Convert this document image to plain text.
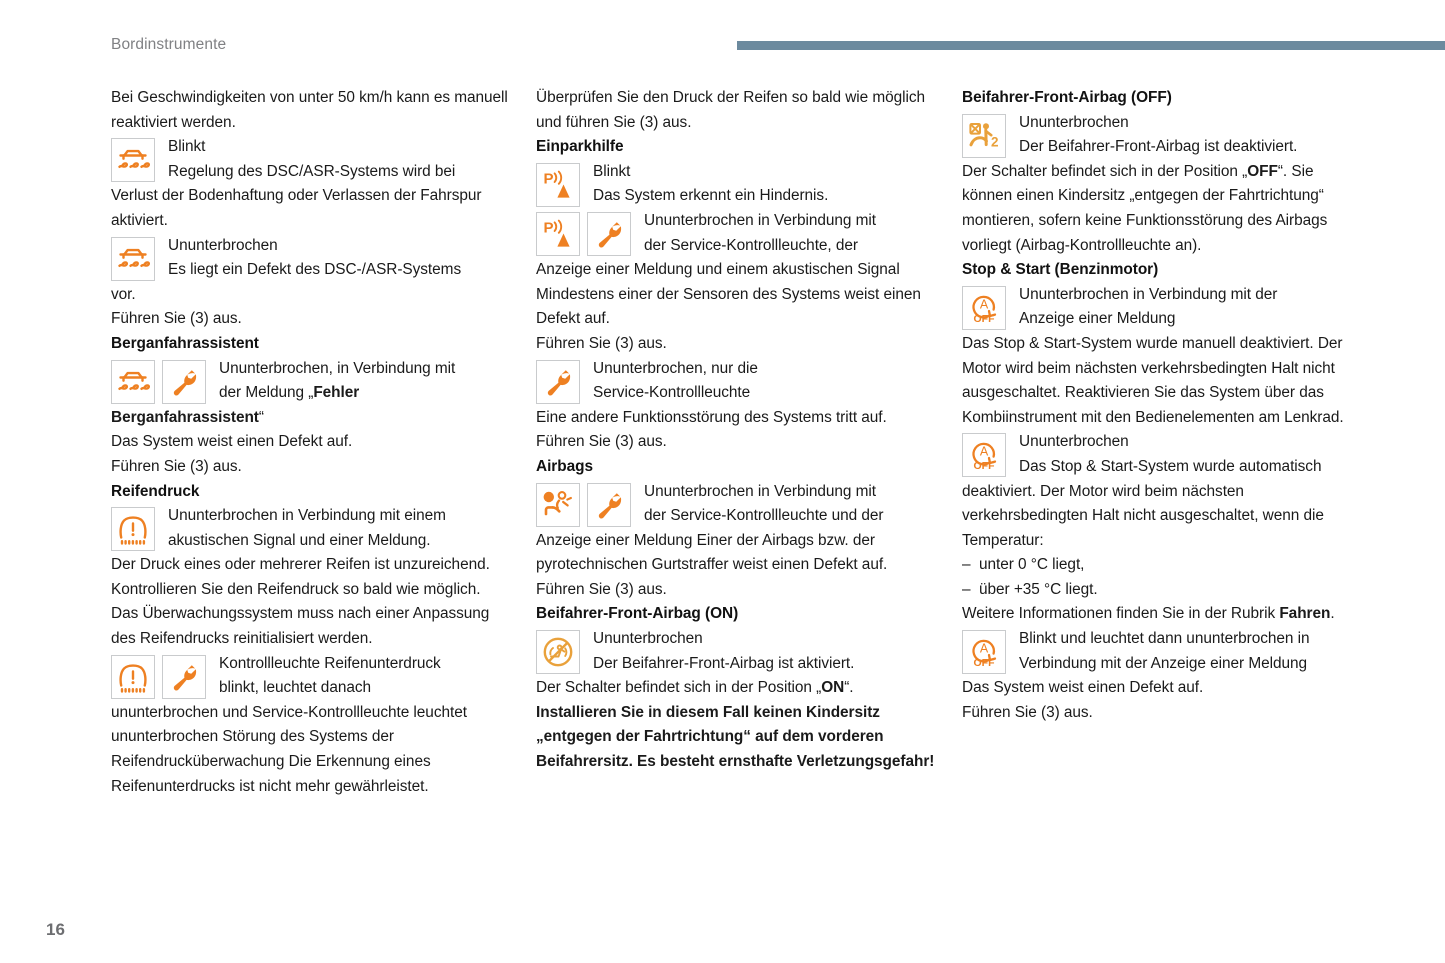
Bordinstrumente

Bei Geschwindigkeiten von unter 50 km/h kann es manuell reaktiviert werden.

Blinkt
Regelung des DSC/ASR-Systems wird bei
Verlust der Bodenhaftung oder Verlassen der Fahrspur aktiviert.

Ununterbrochen
Es liegt ein Defekt des DSC-/ASR-Systems
vor.

Führen Sie (3) aus.

Berganfahrassistent

Ununterbrochen, in Verbindung mit
der Meldung „Fehler
Berganfahrassistent“

Das System weist einen Defekt auf.

Führen Sie (3) aus.

Reifendruck

Ununterbrochen in Verbindung mit einem
akustischen Signal und einer Meldung.
Der Druck eines oder mehrerer Reifen ist unzureichend. Kontrollieren Sie den Reifendruck so bald wie möglich. Das Überwachungssystem muss nach einer Anpassung des Reifendrucks reinitialisiert werden.

Kontrollleuchte Reifenunterdruck
blinkt, leuchtet danach
ununterbrochen und Service-Kontrollleuchte leuchtet ununterbrochen Störung des Systems der Reifendrucküberwachung Die Erkennung eines Reifenunterdrucks ist nicht mehr gewährleistet.

Überprüfen Sie den Druck der Reifen so bald wie möglich und führen Sie (3) aus.

Einparkhilfe
P	Blinkt
Das System erkennt ein Hindernis.

P	Ununterbrochen in Verbindung mit
der Service-Kontrollleuchte, der
Anzeige einer Meldung und einem akustischen Signal Mindestens einer der Sensoren des Systems weist einen Defekt auf.

Führen Sie (3) aus.

Ununterbrochen, nur die
Service-Kontrollleuchte
Eine andere Funktionsstörung des Systems tritt auf.

Führen Sie (3) aus.

Airbags

Ununterbrochen in Verbindung mit
der Service-Kontrollleuchte und der
Anzeige einer Meldung Einer der Airbags bzw. der pyrotechnischen Gurtstraffer weist einen Defekt auf.

Führen Sie (3) aus.

Beifahrer-Front-Airbag (ON)

Ununterbrochen
Der Beifahrer-Front-Airbag ist aktiviert.
Der Schalter befindet sich in der Position „ON“.

Installieren Sie in diesem Fall keinen Kindersitz „entgegen der Fahrtrichtung“ auf dem vorderen Beifahrersitz. Es besteht ernsthafte Verletzungsgefahr!

Beifahrer-Front-Airbag (OFF)
2

Ununterbrochen
Der Beifahrer-Front-Airbag ist deaktiviert.
Der Schalter befindet sich in der Position „OFF“. Sie können einen Kindersitz „entgegen der Fahrtrichtung“ montieren, sofern keine Funktionsstörung des Airbags vorliegt (Airbag-Kontrollleuchte an).

Stop & Start (Benzinmotor)
A
OFF

Ununterbrochen in Verbindung mit der
Anzeige einer Meldung
Das Stop & Start-System wurde manuell deaktiviert. Der Motor wird beim nächsten verkehrsbedingten Halt nicht ausgeschaltet. Reaktivieren Sie das System über das Kombiinstrument mit den Bedienelementen am Lenkrad.

A
OFF

Ununterbrochen
Das Stop & Start-System wurde automatisch
deaktiviert. Der Motor wird beim nächsten verkehrsbedingten Halt nicht ausgeschaltet, wenn die Temperatur:

– unter 0 °C liegt,

– über +35 °C liegt.

Weitere Informationen finden Sie in der Rubrik Fahren.

A
OFF

Blinkt und leuchtet dann ununterbrochen in
Verbindung mit der Anzeige einer Meldung
Das System weist einen Defekt auf.

Führen Sie (3) aus.

16
